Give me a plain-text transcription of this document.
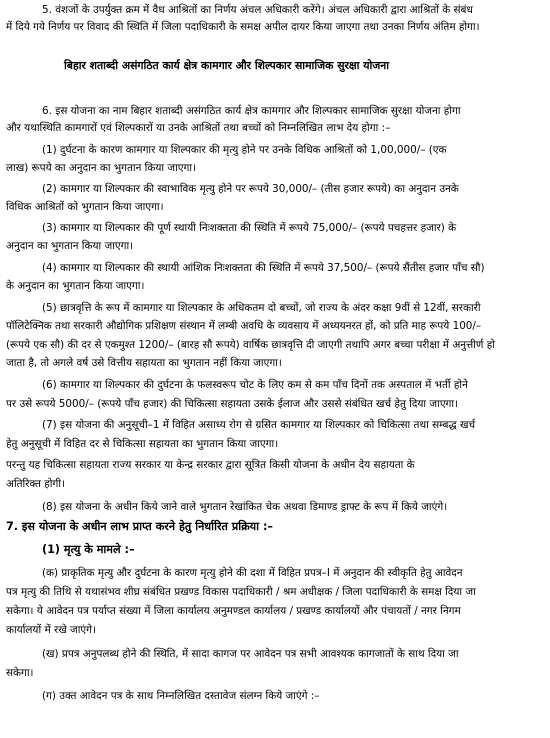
5. वंशजों के उपर्युक्त क्रम में वैध आश्रितों का निर्णय अंचल अधिकारी करेंगे। अंचल अधिकारी द्वारा आश्रितों के संबंध
में दिये गये निर्णय पर विवाद की स्थिति में जिला पदाधिकारी के समक्ष अपील दायर किया जाएगा तथा उनका निर्णय अंतिम होगा।
बिहार शताब्दी असंगठित कार्य क्षेत्र कामगार और शिल्पकार सामाजिक सुरक्षा योजना
6. इस योजना का नाम बिहार शताब्दी असंगठित कार्य क्षेत्र कामगार और शिल्पकार सामाजिक सुरक्षा योजना होगा
और यथास्थिति कामगारों एवं शिल्पकारों या उनके आश्रितों तथा बच्चों को निम्नलिखित लाभ देय होगा :–
(1) दुर्घटना के कारण कामगार या शिल्पकार की मृत्यु होने पर उनके विधिक आश्रितों को 1,00,000/– (एक
लाख) रूपये का अनुदान का भुगतान किया जाएगा।
(2) कामगार या शिल्पकार की स्वाभाविक मृत्यु होने पर रूपये 30,000/– (तीस हजार रूपये) का अनुदान उनके
विधिक आश्रितों को भुगतान किया जाएगा।
(3) कामगार या शिल्पकार की पूर्ण स्थायी निःशक्तता की स्थिति में रूपये 75,000/– (रूपये पचहत्तर हजार) के
अनुदान का भुगतान किया जाएगा।
(4) कामगार या शिल्पकार की स्थायी आंशिक निःशक्तता की स्थिति में रूपये 37,500/– (रूपये सैंतीस हजार पाँच सौ)
के अनुदान का भुगतान किया जाएगा।
(5) छात्रवृत्ति के रूप में कामगार या शिल्पकार के अधिकतम दो बच्चों, जो राज्य के अंदर कक्षा 9वीं से 12वीं, सरकारी
पॉलिटेक्निक तथा सरकारी औद्योगिक प्रशिक्षण संस्थान में लम्बी अवधि के व्यवसाय में अध्ययनरत हों, को प्रति माह रूपये 100/–
(रूपये एक सौ) की दर से एकमुश्त 1200/– (बारह सौ रूपये) वार्षिक छात्रवृत्ति दी जाएगी तथापि अगर बच्चा परीक्षा में अनुत्तीर्ण हो
जाता है, तो अगले वर्ष उसे वित्तीय सहायता का भुगतान नहीं किया जाएगा।
(6) कामगार या शिल्पकार की दुर्घटना के फलस्वरूप चोट के लिए कम से कम पाँच दिनों तक अस्पताल में भर्ती होने
पर उसे रूपये 5000/– (रूपये पाँच हजार) की चिकित्सा सहायता उसके ईलाज और उससे संबंधित खर्च हेतु दिया जाएगा।
(7) इस योजना की अनुसूची–1 में विहित असाध्य रोग से ग्रसित कामगार या शिल्पकार को चिकित्सा तथा सम्बद्ध खर्च
हेतु अनुसूची में विहित दर से चिकित्सा सहायता का भुगतान किया जाएगा।
परन्तु यह चिकित्सा सहायता राज्य सरकार या केन्द्र सरकार द्वारा सूत्रित किसी योजना के अधीन देय सहायता के
अतिरिक्त होगी।
(8) इस योजना के अधीन किये जाने वाले भुगतान रेखांकित चेक अथवा डिमाण्ड ड्राफ्ट के रूप में किये जाएंगे।
7. इस योजना के अधीन लाभ प्राप्त करने हेतु निर्धारित प्रक्रिया :–
(1) मृत्यु के मामले :–
(क) प्राकृतिक मृत्यु और दुर्घटना के कारण मृत्यु होने की दशा में विहित प्रपत्र–I में अनुदान की स्वीकृति हेतु आवेदन
पत्र मृत्यु की तिथि से यथासंभव शीघ्र संबंधित प्रखण्ड विकास पदाधिकारी / श्रम अधीक्षक / जिला पदाधिकारी के समक्ष दिया जा
सकेगा। ये आवेदन पत्र पर्याप्त संख्या में जिला कार्यालय अनुमण्डल कार्यालय / प्रखण्ड कार्यालयों और पंचायतों / नगर निगम
कार्यालयों में रखे जाएंगे।
(ख) प्रपत्र अनुपलब्ध होने की स्थिति, में सादा कागज पर आवेदन पत्र सभी आवश्यक कागजातों के साथ दिया जा
सकेगा।
(ग) उक्त आवेदन पत्र के साथ निम्नलिखित दस्तावेज संलग्न किये जाएंगे :–
